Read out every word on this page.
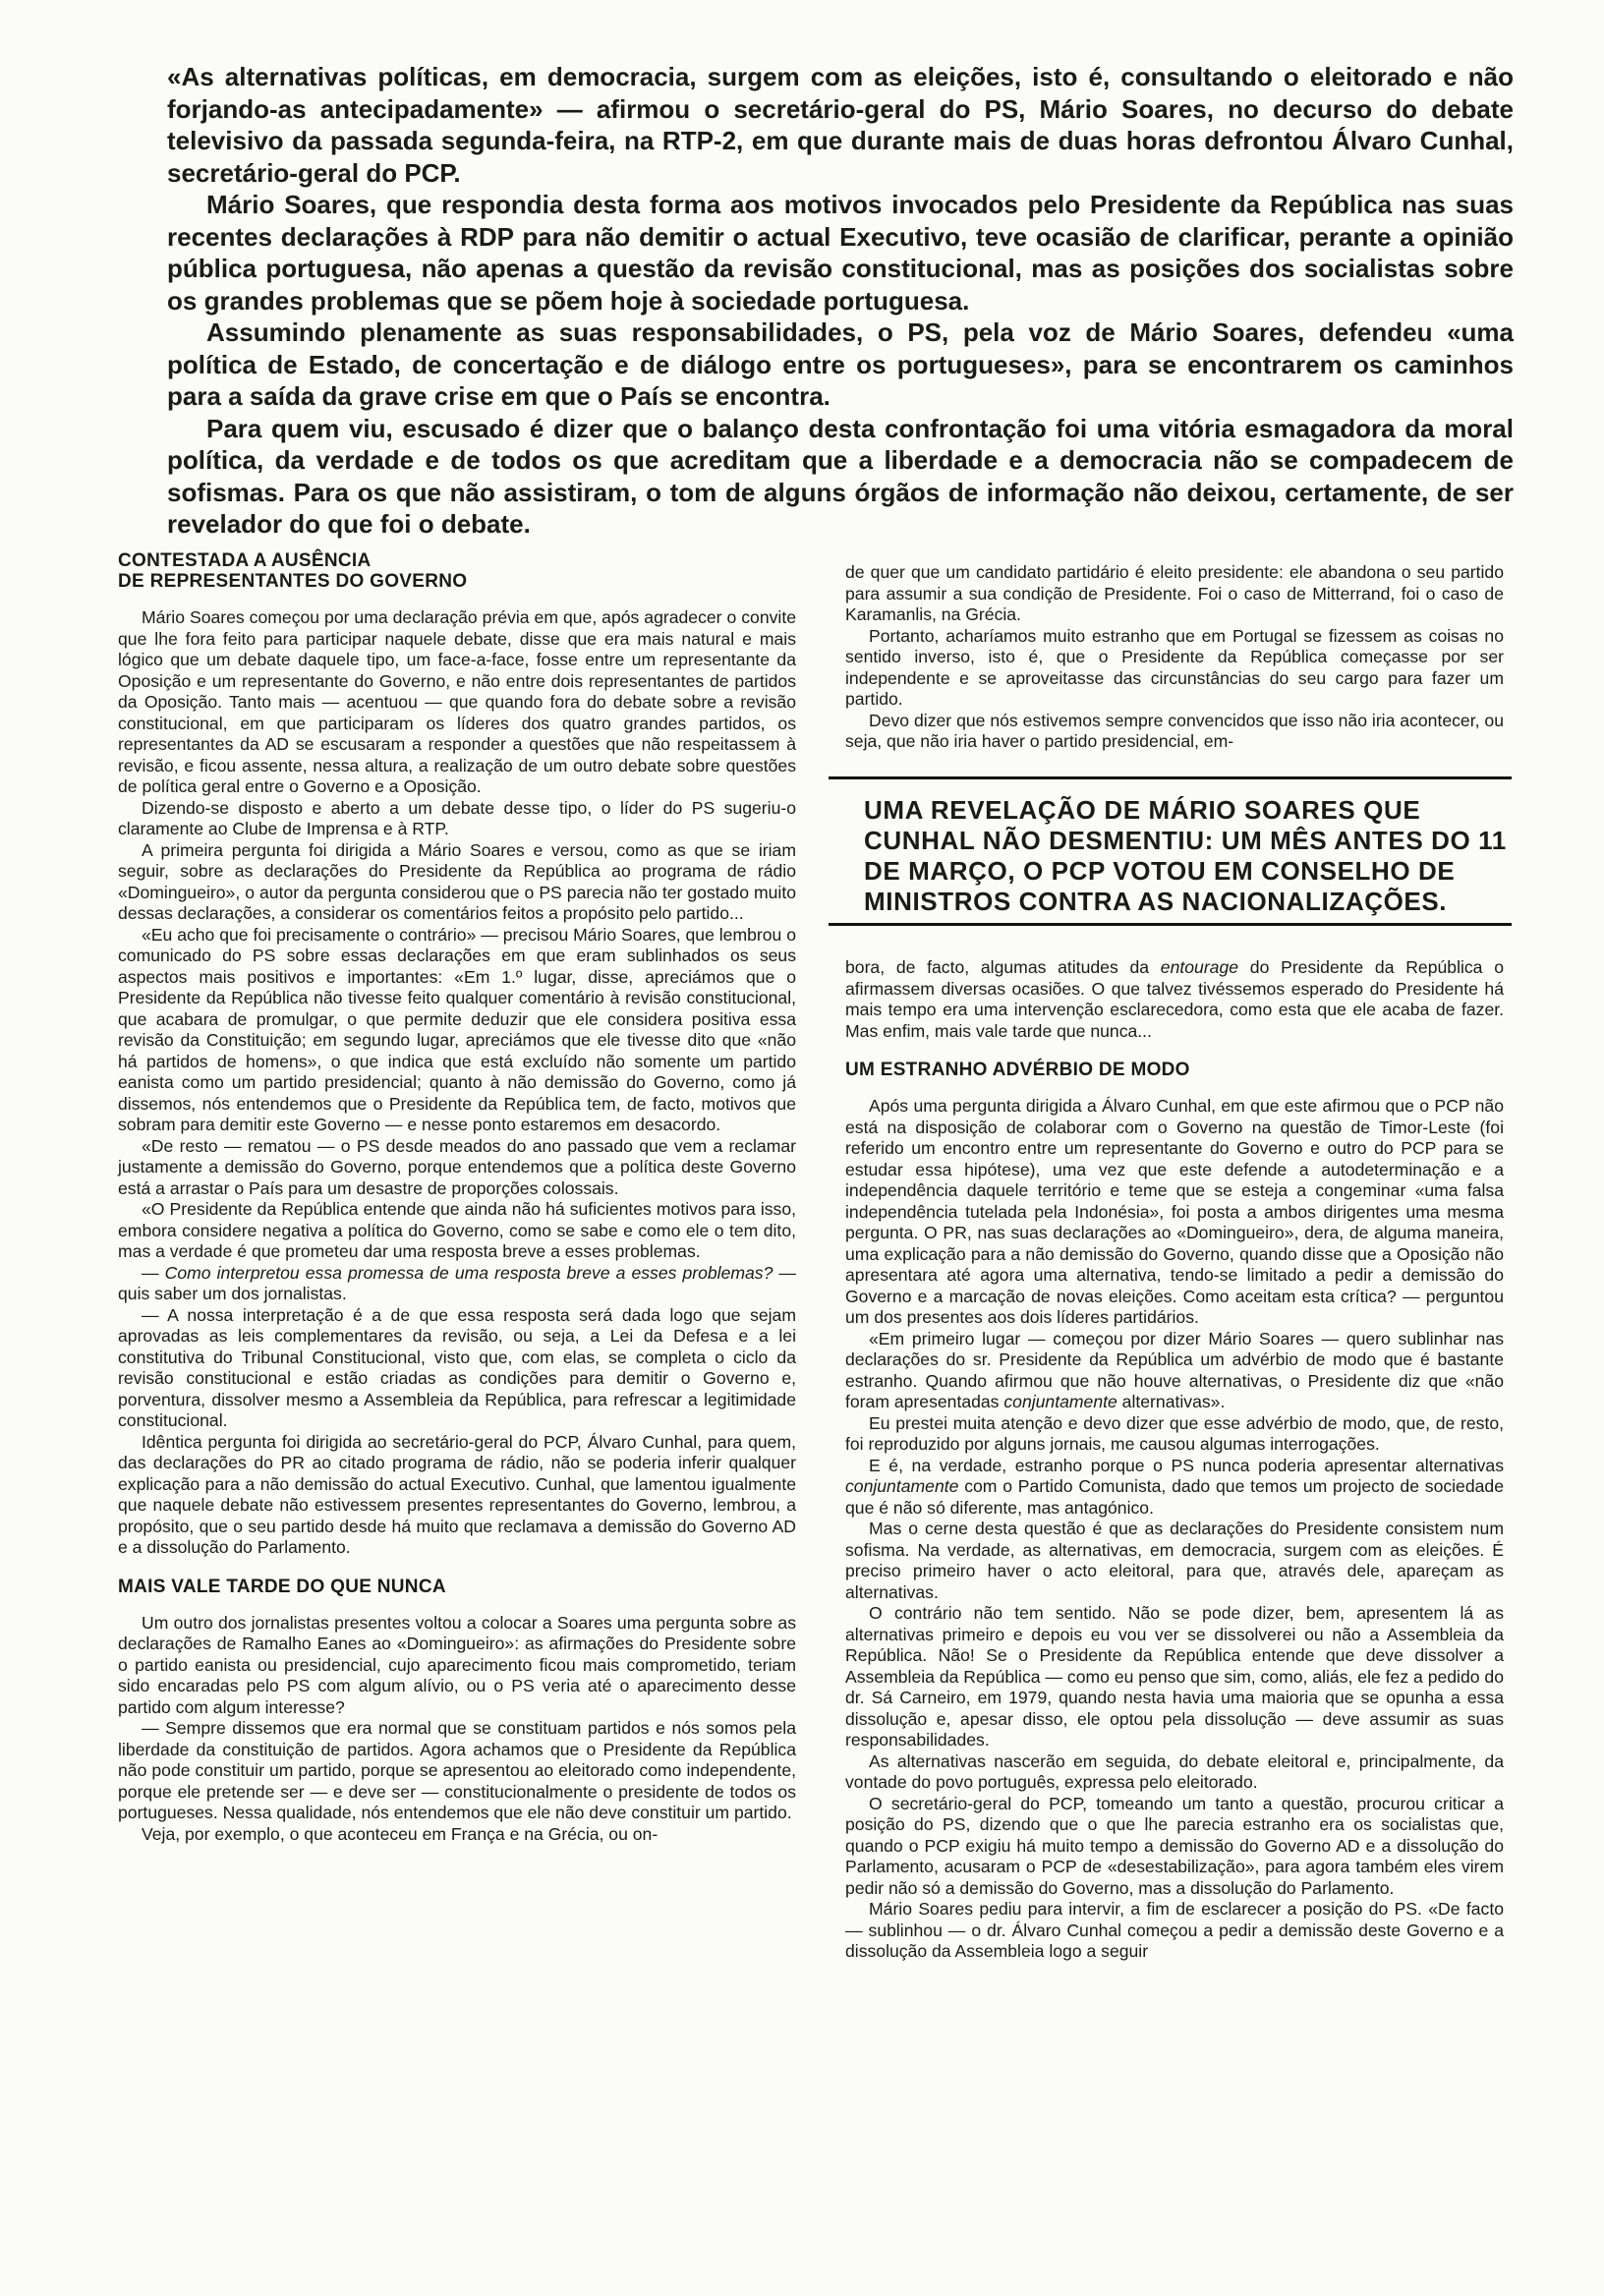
«As alternativas políticas, em democracia, surgem com as eleições, isto é, consultando o eleitorado e não forjando-as antecipadamente» — afirmou o secretário-geral do PS, Mário Soares, no decurso do debate televisivo da passada segunda-feira, na RTP-2, em que durante mais de duas horas defrontou Álvaro Cunhal, secretário-geral do PCP.

Mário Soares, que respondia desta forma aos motivos invocados pelo Presidente da República nas suas recentes declarações à RDP para não demitir o actual Executivo, teve ocasião de clarificar, perante a opinião pública portuguesa, não apenas a questão da revisão constitucional, mas as posições dos socialistas sobre os grandes problemas que se põem hoje à sociedade portuguesa.

Assumindo plenamente as suas responsabilidades, o PS, pela voz de Mário Soares, defendeu «uma política de Estado, de concertação e de diálogo entre os portugueses», para se encontrarem os caminhos para a saída da grave crise em que o País se encontra.

Para quem viu, escusado é dizer que o balanço desta confrontação foi uma vitória esmagadora da moral política, da verdade e de todos os que acreditam que a liberdade e a democracia não se compadecem de sofismas. Para os que não assistiram, o tom de alguns órgãos de informação não deixou, certamente, de ser revelador do que foi o debate.

CONTESTADA A AUSÊNCIA
DE REPRESENTANTES DO GOVERNO

Mário Soares começou por uma declaração prévia em que, após agradecer o convite que lhe fora feito para participar naquele debate, disse que era mais natural e mais lógico que um debate daquele tipo, um face-a-face, fosse entre um representante da Oposição e um representante do Governo, e não entre dois representantes de partidos da Oposição. Tanto mais — acentuou — que quando fora do debate sobre a revisão constitucional, em que participaram os líderes dos quatro grandes partidos, os representantes da AD se escusaram a responder a questões que não respeitassem à revisão, e ficou assente, nessa altura, a realização de um outro debate sobre questões de política geral entre o Governo e a Oposição.

Dizendo-se disposto e aberto a um debate desse tipo, o líder do PS sugeriu-o claramente ao Clube de Imprensa e à RTP.

A primeira pergunta foi dirigida a Mário Soares e versou, como as que se iriam seguir, sobre as declarações do Presidente da República ao programa de rádio «Domingueiro», o autor da pergunta considerou que o PS parecia não ter gostado muito dessas declarações, a considerar os comentários feitos a propósito pelo partido...

«Eu acho que foi precisamente o contrário» — precisou Mário Soares, que lembrou o comunicado do PS sobre essas declarações em que eram sublinhados os seus aspectos mais positivos e importantes: «Em 1.º lugar, disse, apreciámos que o Presidente da República não tivesse feito qualquer comentário à revisão constitucional, que acabara de promulgar, o que permite deduzir que ele considera positiva essa revisão da Constituição; em segundo lugar, apreciámos que ele tivesse dito que «não há partidos de homens», o que indica que está excluído não somente um partido eanista como um partido presidencial; quanto à não demissão do Governo, como já dissemos, nós entendemos que o Presidente da República tem, de facto, motivos que sobram para demitir este Governo — e nesse ponto estaremos em desacordo.

«De resto — rematou — o PS desde meados do ano passado que vem a reclamar justamente a demissão do Governo, porque entendemos que a política deste Governo está a arrastar o País para um desastre de proporções colossais.

«O Presidente da República entende que ainda não há suficientes motivos para isso, embora considere negativa a política do Governo, como se sabe e como ele o tem dito, mas a verdade é que prometeu dar uma resposta breve a esses problemas.

— Como interpretou essa promessa de uma resposta breve a esses problemas? — quis saber um dos jornalistas.

— A nossa interpretação é a de que essa resposta será dada logo que sejam aprovadas as leis complementares da revisão, ou seja, a Lei da Defesa e a lei constitutiva do Tribunal Constitucional, visto que, com elas, se completa o ciclo da revisão constitucional e estão criadas as condições para demitir o Governo e, porventura, dissolver mesmo a Assembleia da República, para refrescar a legitimidade constitucional.

Idêntica pergunta foi dirigida ao secretário-geral do PCP, Álvaro Cunhal, para quem, das declarações do PR ao citado programa de rádio, não se poderia inferir qualquer explicação para a não demissão do actual Executivo. Cunhal, que lamentou igualmente que naquele debate não estivessem presentes representantes do Governo, lembrou, a propósito, que o seu partido desde há muito que reclamava a demissão do Governo AD e a dissolução do Parlamento.

MAIS VALE TARDE DO QUE NUNCA

Um outro dos jornalistas presentes voltou a colocar a Soares uma pergunta sobre as declarações de Ramalho Eanes ao «Domingueiro»: as afirmações do Presidente sobre o partido eanista ou presidencial, cujo aparecimento ficou mais comprometido, teriam sido encaradas pelo PS com algum alívio, ou o PS veria até o aparecimento desse partido com algum interesse?

— Sempre dissemos que era normal que se constituam partidos e nós somos pela liberdade da constituição de partidos. Agora achamos que o Presidente da República não pode constituir um partido, porque se apresentou ao eleitorado como independente, porque ele pretende ser — e deve ser — constitucionalmente o presidente de todos os portugueses. Nessa qualidade, nós entendemos que ele não deve constituir um partido.

Veja, por exemplo, o que aconteceu em França e na Grécia, ou on-

de quer que um candidato partidário é eleito presidente: ele abandona o seu partido para assumir a sua condição de Presidente. Foi o caso de Mitterrand, foi o caso de Karamanlis, na Grécia.

Portanto, acharíamos muito estranho que em Portugal se fizessem as coisas no sentido inverso, isto é, que o Presidente da República começasse por ser independente e se aproveitasse das circunstâncias do seu cargo para fazer um partido.

Devo dizer que nós estivemos sempre convencidos que isso não iria acontecer, ou seja, que não iria haver o partido presidencial, em-

UMA REVELAÇÃO DE MÁRIO SOARES QUE CUNHAL NÃO DESMENTIU: UM MÊS ANTES DO 11 DE MARÇO, O PCP VOTOU EM CONSELHO DE MINISTROS CONTRA AS NACIONALIZAÇÕES.

bora, de facto, algumas atitudes da entourage do Presidente da República o afirmassem diversas ocasiões. O que talvez tivéssemos esperado do Presidente há mais tempo era uma intervenção esclarecedora, como esta que ele acaba de fazer. Mas enfim, mais vale tarde que nunca...

UM ESTRANHO ADVÉRBIO DE MODO

Após uma pergunta dirigida a Álvaro Cunhal, em que este afirmou que o PCP não está na disposição de colaborar com o Governo na questão de Timor-Leste (foi referido um encontro entre um representante do Governo e outro do PCP para se estudar essa hipótese), uma vez que este defende a autodeterminação e a independência daquele território e teme que se esteja a congeminar «uma falsa independência tutelada pela Indonésia», foi posta a ambos dirigentes uma mesma pergunta. O PR, nas suas declarações ao «Domingueiro», dera, de alguma maneira, uma explicação para a não demissão do Governo, quando disse que a Oposição não apresentara até agora uma alternativa, tendo-se limitado a pedir a demissão do Governo e a marcação de novas eleições. Como aceitam esta crítica? — perguntou um dos presentes aos dois líderes partidários.

«Em primeiro lugar — começou por dizer Mário Soares — quero sublinhar nas declarações do sr. Presidente da República um advérbio de modo que é bastante estranho. Quando afirmou que não houve alternativas, o Presidente diz que «não foram apresentadas conjuntamente alternativas».

Eu prestei muita atenção e devo dizer que esse advérbio de modo, que, de resto, foi reproduzido por alguns jornais, me causou algumas interrogações.

E é, na verdade, estranho porque o PS nunca poderia apresentar alternativas conjuntamente com o Partido Comunista, dado que temos um projecto de sociedade que é não só diferente, mas antagónico.

Mas o cerne desta questão é que as declarações do Presidente consistem num sofisma. Na verdade, as alternativas, em democracia, surgem com as eleições. É preciso primeiro haver o acto eleitoral, para que, através dele, apareçam as alternativas.

O contrário não tem sentido. Não se pode dizer, bem, apresentem lá as alternativas primeiro e depois eu vou ver se dissolverei ou não a Assembleia da República. Não! Se o Presidente da República entende que deve dissolver a Assembleia da República — como eu penso que sim, como, aliás, ele fez a pedido do dr. Sá Carneiro, em 1979, quando nesta havia uma maioria que se opunha a essa dissolução e, apesar disso, ele optou pela dissolução — deve assumir as suas responsabilidades.

As alternativas nascerão em seguida, do debate eleitoral e, principalmente, da vontade do povo português, expressa pelo eleitorado.

O secretário-geral do PCP, tomeando um tanto a questão, procurou criticar a posição do PS, dizendo que o que lhe parecia estranho era os socialistas que, quando o PCP exigiu há muito tempo a demissão do Governo AD e a dissolução do Parlamento, acusaram o PCP de «desestabilização», para agora também eles virem pedir não só a demissão do Governo, mas a dissolução do Parlamento.

Mário Soares pediu para intervir, a fim de esclarecer a posição do PS. «De facto — sublinhou — o dr. Álvaro Cunhal começou a pedir a demissão deste Governo e a dissolução da Assembleia logo a seguir
